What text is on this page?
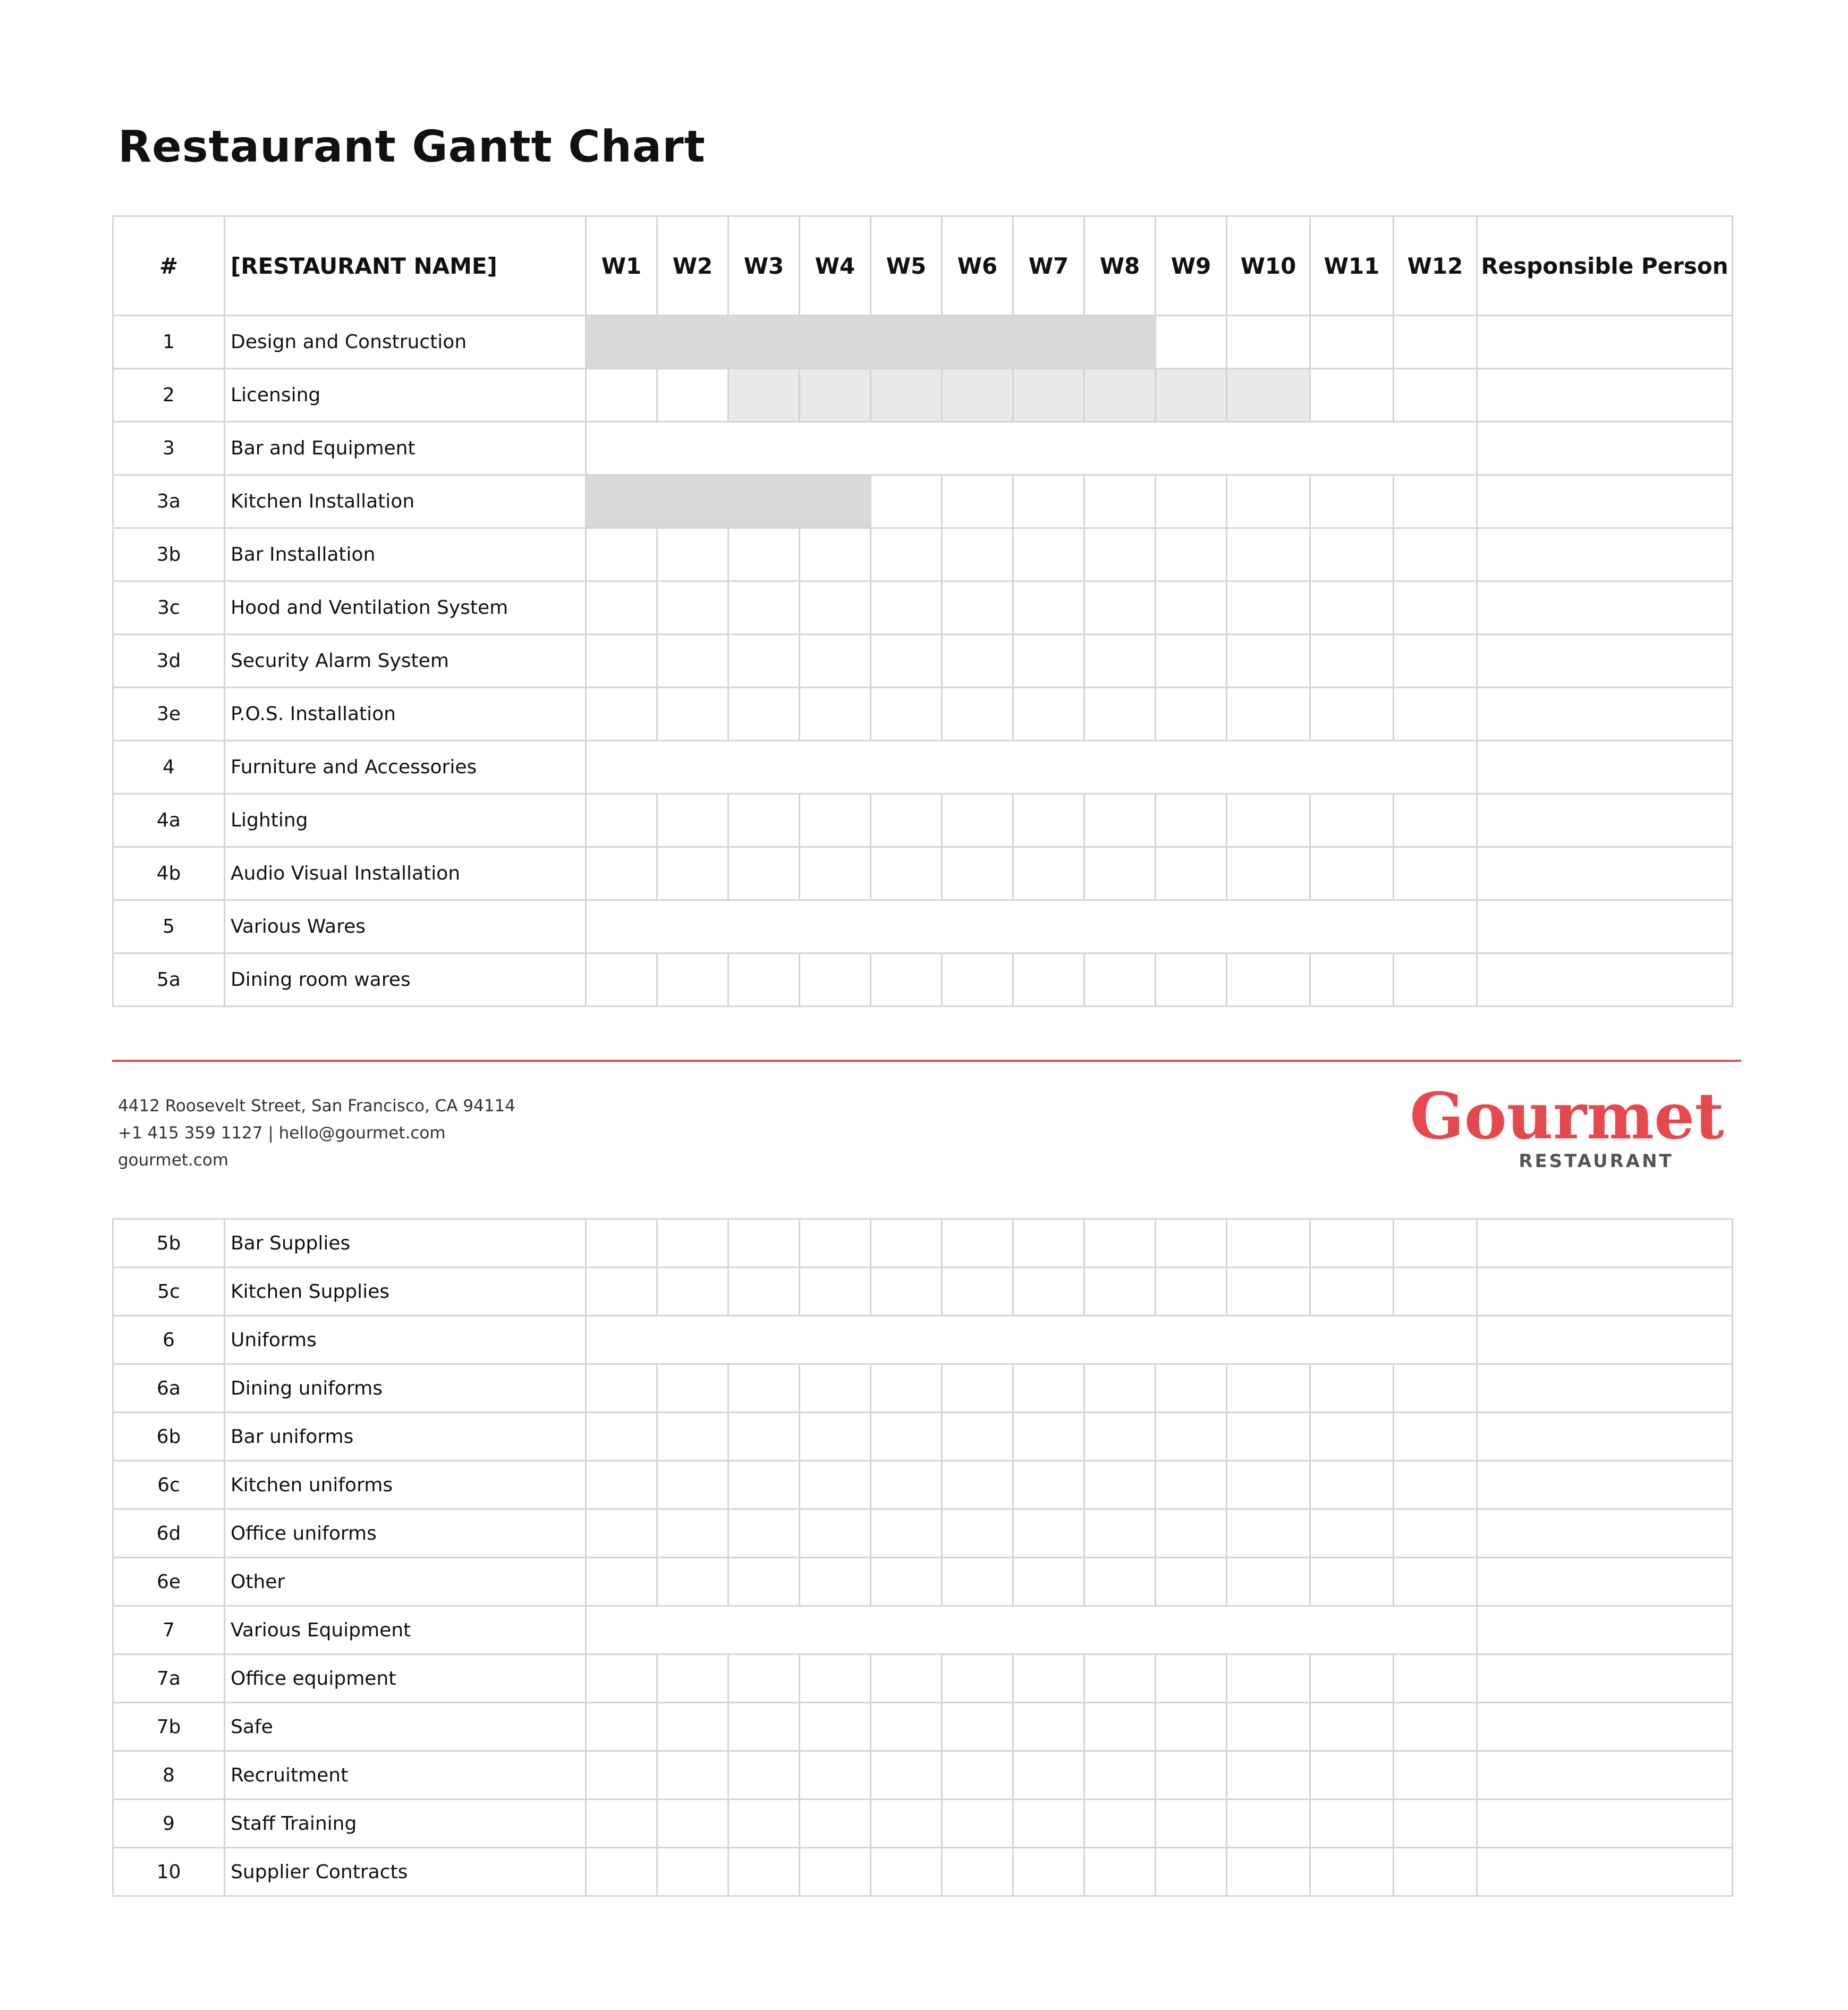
Restaurant Gantt Chart
#	[RESTAURANT NAME]	W1	W2	W3	W4	W5	W6	W7	W8	W9	W10	W11	W12	Responsible Person
1	Design and Construction													
2	Licensing													
3	Bar and Equipment													
3a	Kitchen Installation													
3b	Bar Installation													
3c	Hood and Ventilation System													
3d	Security Alarm System													
3e	P.O.S. Installation													
4	Furniture and Accessories													
4a	Lighting													
4b	Audio Visual Installation													
5	Various Wares													
5a	Dining room wares													
4412 Roosevelt Street, San Francisco, CA 94114
+1 415 359 1127 | hello@gourmet.com
gourmet.com
Gourmet
RESTAURANT
5b	Bar Supplies													
5c	Kitchen Supplies													
6	Uniforms													
6a	Dining uniforms													
6b	Bar uniforms													
6c	Kitchen uniforms													
6d	Office uniforms													
6e	Other													
7	Various Equipment													
7a	Office equipment													
7b	Safe													
8	Recruitment													
9	Staff Training													
10	Supplier Contracts													
